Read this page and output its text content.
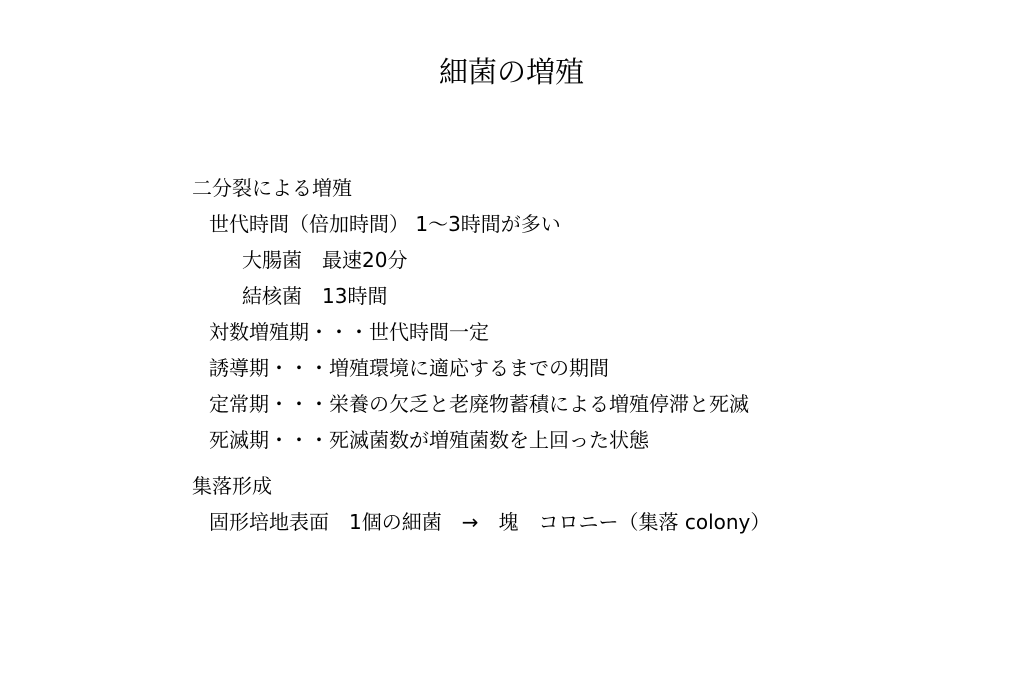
細菌の増殖
二分裂による増殖
世代時間（倍加時間） 1〜3時間が多い
大腸菌　最速20分
結核菌　13時間
対数増殖期・・・世代時間一定
誘導期・・・増殖環境に適応するまでの期間
定常期・・・栄養の欠乏と老廃物蓄積による増殖停滞と死滅
死滅期・・・死滅菌数が増殖菌数を上回った状態
集落形成
固形培地表面　1個の細菌　→　塊　コロニー（集落 colony）
